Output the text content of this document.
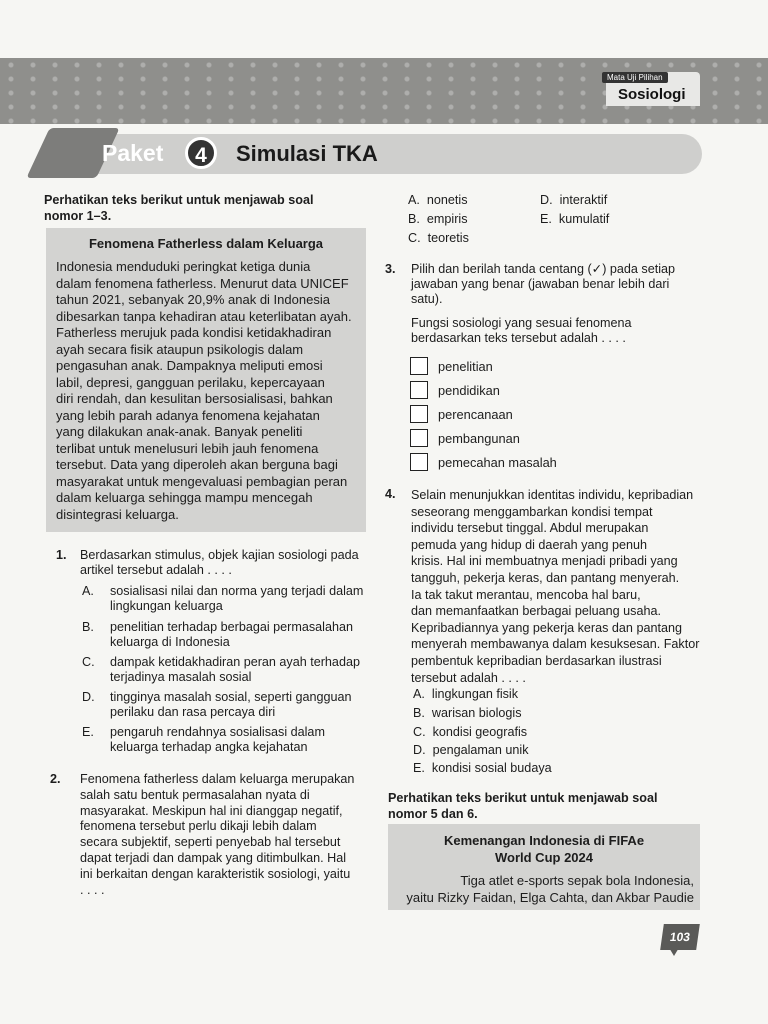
Mata Uji Pilihan
Sosiologi
Paket	4	Simulasi TKA
Perhatikan teks berikut untuk menjawab soal
nomor 1–3.
Fenomena Fatherless dalam Keluarga
Indonesia menduduki peringkat ketiga dunia
dalam fenomena fatherless. Menurut data UNICEF
tahun 2021, sebanyak 20,9% anak di Indonesia
dibesarkan tanpa kehadiran atau keterlibatan ayah.
Fatherless merujuk pada kondisi ketidakhadiran
ayah secara fisik ataupun psikologis dalam
pengasuhan anak. Dampaknya meliputi emosi
labil, depresi, gangguan perilaku, kepercayaan
diri rendah, dan kesulitan bersosialisasi, bahkan
yang lebih parah adanya fenomena kejahatan
yang dilakukan anak-anak. Banyak peneliti
terlibat untuk menelusuri lebih jauh fenomena
tersebut. Data yang diperoleh akan berguna bagi
masyarakat untuk mengevaluasi pembagian peran
dalam keluarga sehingga mampu mencegah
disintegrasi keluarga.
1. Berdasarkan stimulus, objek kajian sosiologi pada
artikel tersebut adalah . . . .
A. sosialisasi nilai dan norma yang terjadi dalam
lingkungan keluarga
B. penelitian terhadap berbagai permasalahan
keluarga di Indonesia
C. dampak ketidakhadiran peran ayah terhadap
terjadinya masalah sosial
D. tingginya masalah sosial, seperti gangguan
perilaku dan rasa percaya diri
E. pengaruh rendahnya sosialisasi dalam
keluarga terhadap angka kejahatan
2. Fenomena fatherless dalam keluarga merupakan
salah satu bentuk permasalahan nyata di
masyarakat. Meskipun hal ini dianggap negatif,
fenomena tersebut perlu dikaji lebih dalam
secara subjektif, seperti penyebab hal tersebut
dapat terjadi dan dampak yang ditimbulkan. Hal
ini berkaitan dengan karakteristik sosiologi, yaitu
. . . .
A. nonetis
B. empiris
C. teoretis
D. interaktif
E. kumulatif
3. Pilih dan berilah tanda centang (✓) pada setiap
jawaban yang benar (jawaban benar lebih dari
satu).
Fungsi sosiologi yang sesuai fenomena
berdasarkan teks tersebut adalah . . . .
penelitian
pendidikan
perencanaan
pembangunan
pemecahan masalah
4. Selain menunjukkan identitas individu, kepribadian
seseorang menggambarkan kondisi tempat
individu tersebut tinggal. Abdul merupakan
pemuda yang hidup di daerah yang penuh
krisis. Hal ini membuatnya menjadi pribadi yang
tangguh, pekerja keras, dan pantang menyerah.
Ia tak takut merantau, mencoba hal baru,
dan memanfaatkan berbagai peluang usaha.
Kepribadiannya yang pekerja keras dan pantang
menyerah membawanya dalam kesuksesan. Faktor
pembentuk kepribadian berdasarkan ilustrasi
tersebut adalah . . . .
A. lingkungan fisik
B. warisan biologis
C. kondisi geografis
D. pengalaman unik
E. kondisi sosial budaya
Perhatikan teks berikut untuk menjawab soal
nomor 5 dan 6.
Kemenangan Indonesia di FIFAe
World Cup 2024
Tiga atlet e-sports sepak bola Indonesia,
yaitu Rizky Faidan, Elga Cahta, dan Akbar Paudie
103
